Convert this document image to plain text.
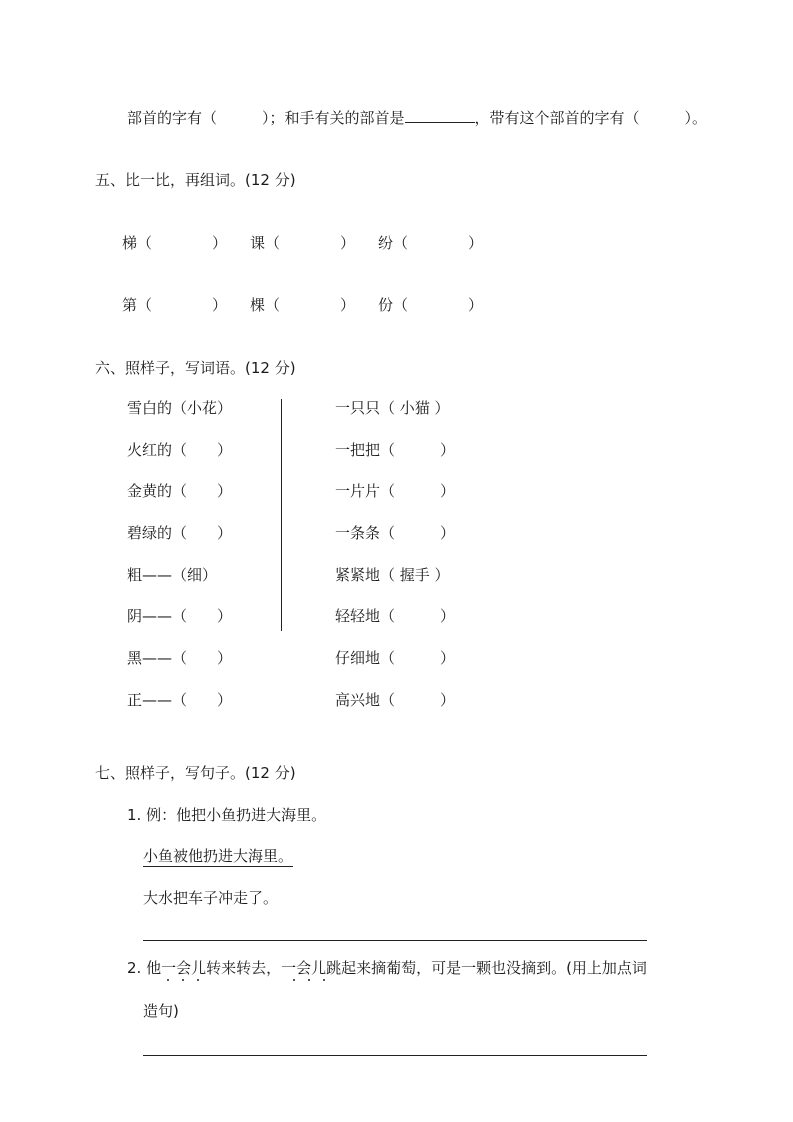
部首的字有（　　　）；和手有关的部首是	，带有这个部首的字有（　　　）。
五、比一比，再组词。(12 分)
梯（　　　　） 课（　　　　） 纷（　　　　）
第（　　　　） 棵（　　　　） 份（　　　　）
六、照样子，写词语。(12 分)
雪白的（小花）
火红的（　　）
金黄的（　　）
碧绿的（　　）
粗——（细）
阴——（　　）
黑——（　　）
正——（　　）
一只只（ 小猫 ）
一把把（　　　）
一片片（　　　）
一条条（　　　）
紧紧地（ 握手 ）
轻轻地（　　　）
仔细地（　　　）
高兴地（　　　）
七、照样子，写句子。(12 分)
1. 例：他把小鱼扔进大海里。
小鱼被他扔进大海里。
大水把车子冲走了。
2. 他一会儿转来转去，一会儿跳起来摘葡萄，可是一颗也没摘到。(用上加点词
造句)
